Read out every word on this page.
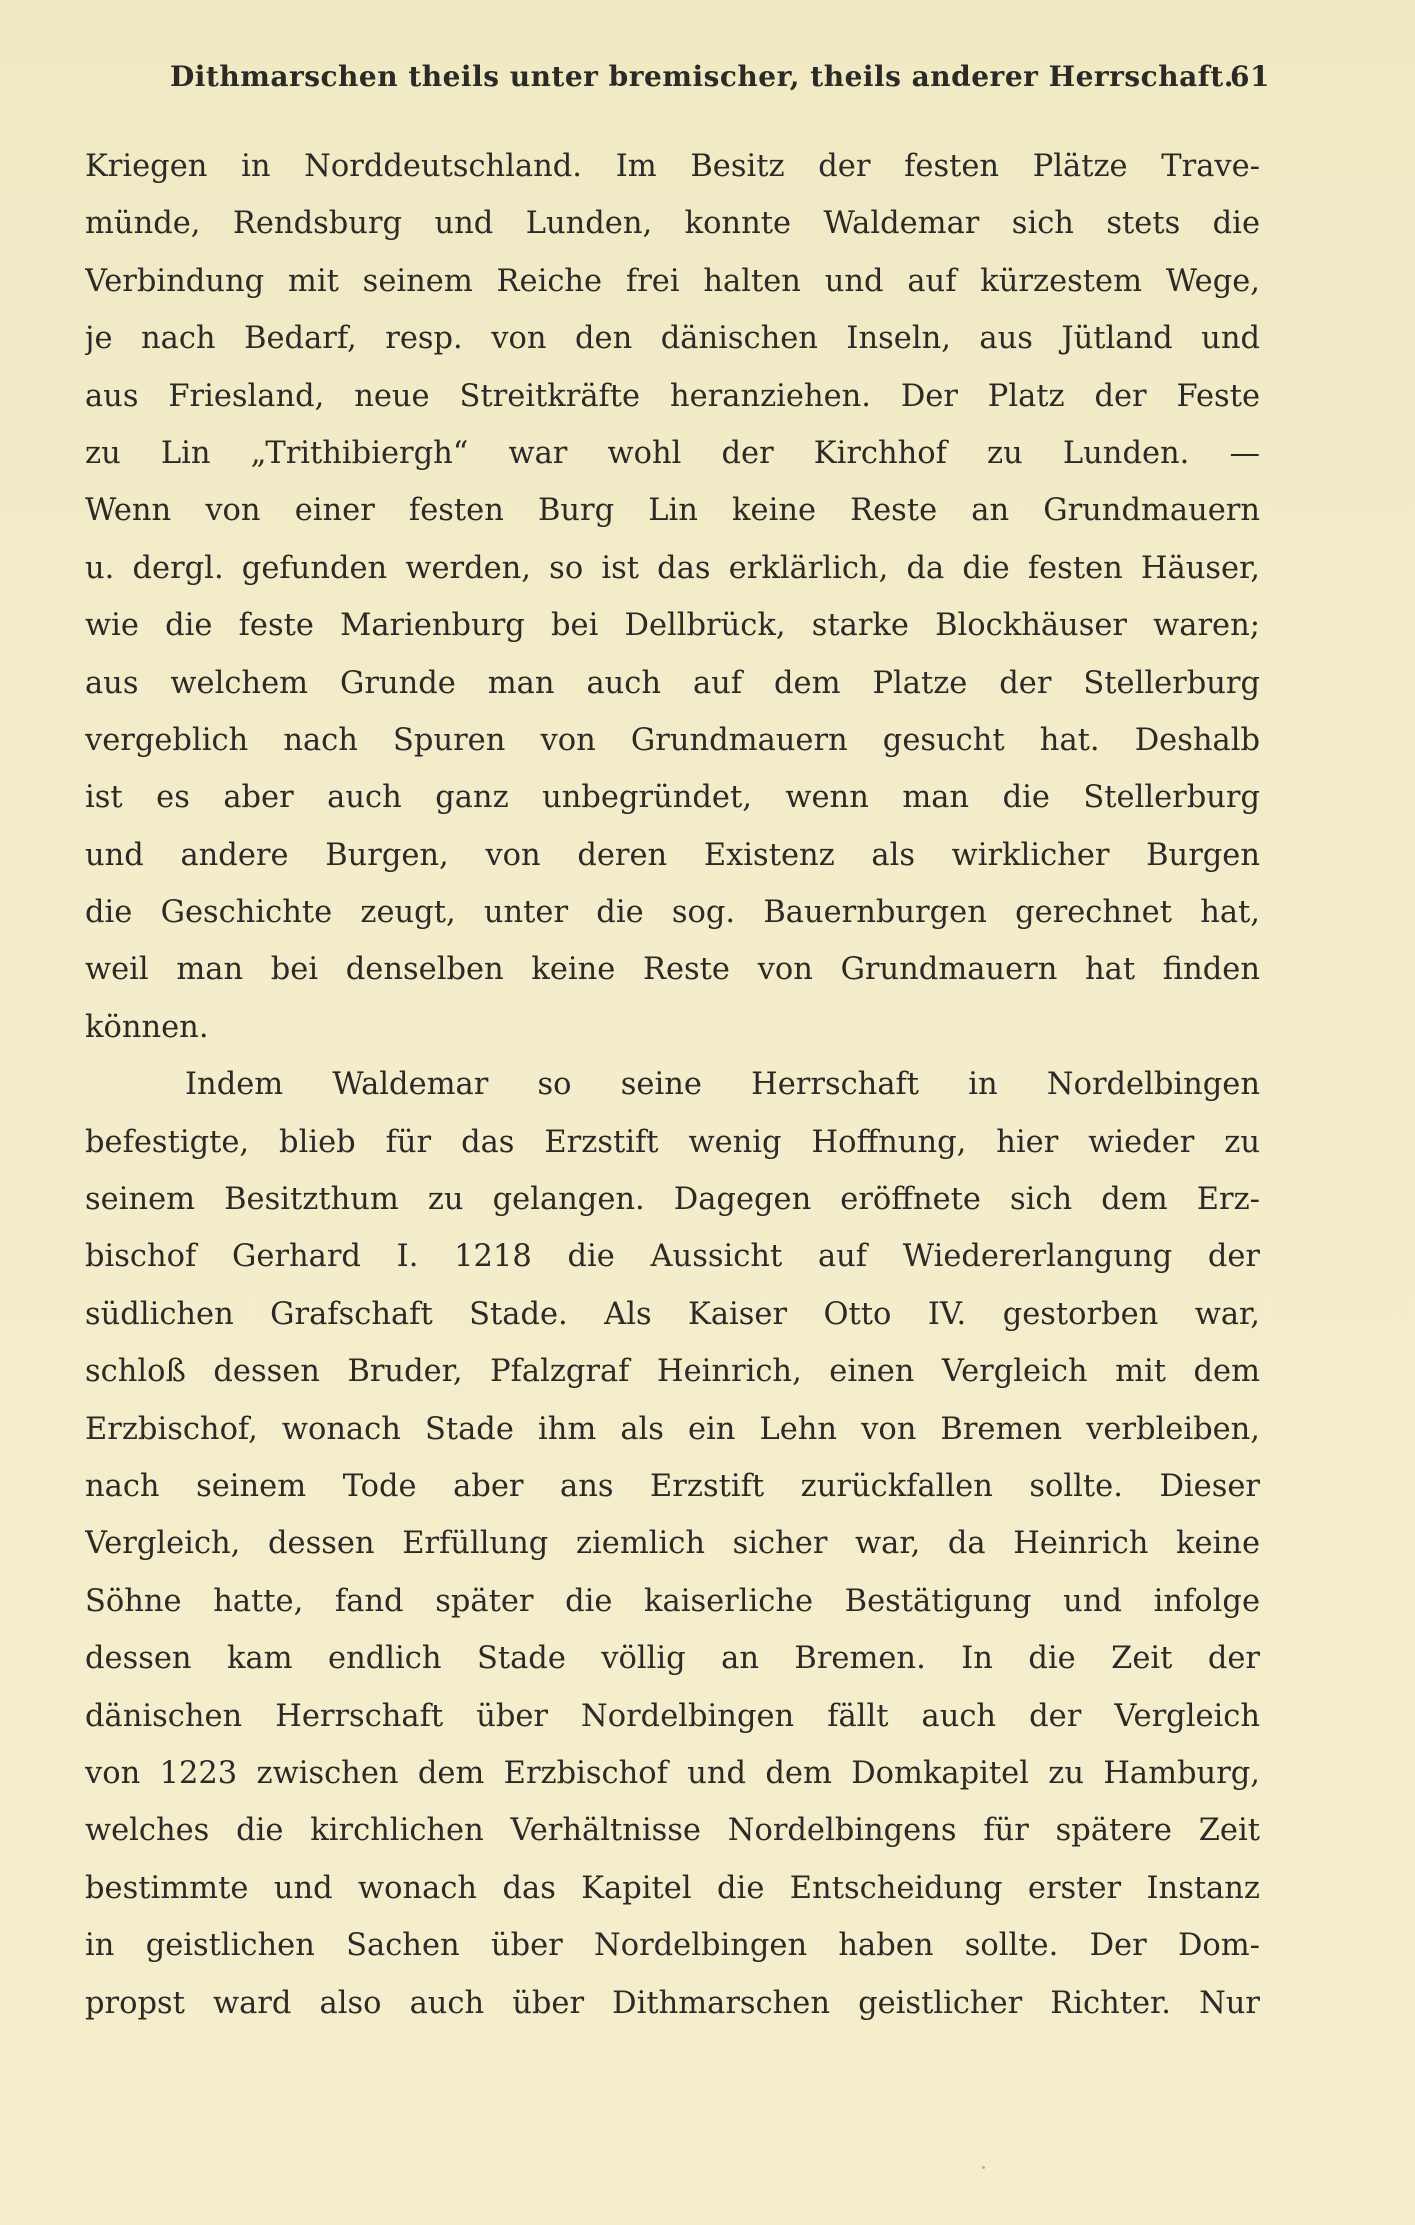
Dithmarschen theils unter bremischer, theils anderer Herrschaft.
61
Kriegen in Norddeutschland. Im Besitz der festen Plätze Trave-
münde, Rendsburg und Lunden, konnte Waldemar sich stets die
Verbindung mit seinem Reiche frei halten und auf kürzestem Wege,
je nach Bedarf, resp. von den dänischen Inseln, aus Jütland und
aus Friesland, neue Streitkräfte heranziehen. Der Platz der Feste
zu Lin „Trithibiergh“ war wohl der Kirchhof zu Lunden. —
Wenn von einer festen Burg Lin keine Reste an Grundmauern
u. dergl. gefunden werden, so ist das erklärlich, da die festen Häuser,
wie die feste Marienburg bei Dellbrück, starke Blockhäuser waren;
aus welchem Grunde man auch auf dem Platze der Stellerburg
vergeblich nach Spuren von Grundmauern gesucht hat. Deshalb
ist es aber auch ganz unbegründet, wenn man die Stellerburg
und andere Burgen, von deren Existenz als wirklicher Burgen
die Geschichte zeugt, unter die sog. Bauernburgen gerechnet hat,
weil man bei denselben keine Reste von Grundmauern hat finden
können.
Indem Waldemar so seine Herrschaft in Nordelbingen
befestigte, blieb für das Erzstift wenig Hoffnung, hier wieder zu
seinem Besitzthum zu gelangen. Dagegen eröffnete sich dem Erz-
bischof Gerhard I. 1218 die Aussicht auf Wiedererlangung der
südlichen Grafschaft Stade. Als Kaiser Otto IV. gestorben war,
schloß dessen Bruder, Pfalzgraf Heinrich, einen Vergleich mit dem
Erzbischof, wonach Stade ihm als ein Lehn von Bremen verbleiben,
nach seinem Tode aber ans Erzstift zurückfallen sollte. Dieser
Vergleich, dessen Erfüllung ziemlich sicher war, da Heinrich keine
Söhne hatte, fand später die kaiserliche Bestätigung und infolge
dessen kam endlich Stade völlig an Bremen. In die Zeit der
dänischen Herrschaft über Nordelbingen fällt auch der Vergleich
von 1223 zwischen dem Erzbischof und dem Domkapitel zu Hamburg,
welches die kirchlichen Verhältnisse Nordelbingens für spätere Zeit
bestimmte und wonach das Kapitel die Entscheidung erster Instanz
in geistlichen Sachen über Nordelbingen haben sollte. Der Dom-
propst ward also auch über Dithmarschen geistlicher Richter. Nur
